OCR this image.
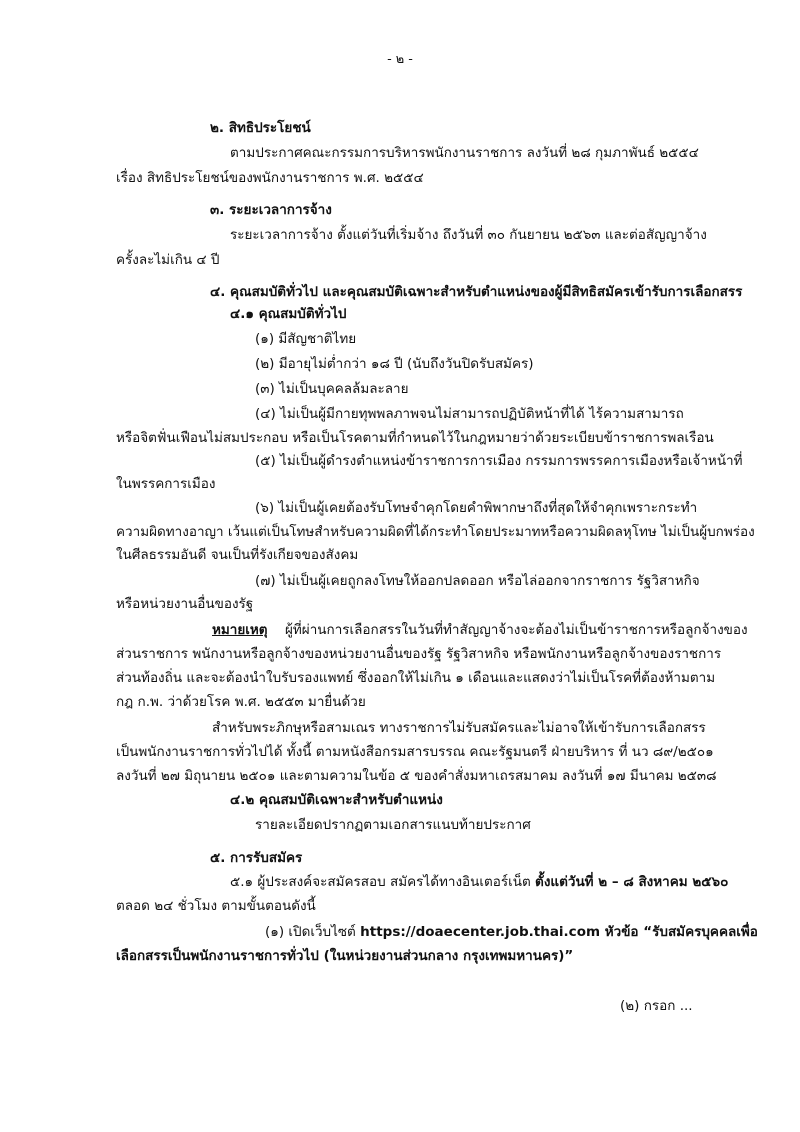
- ๒ -
๒. สิทธิประโยชน์
ตามประกาศคณะกรรมการบริหารพนักงานราชการ ลงวันที่ ๒๘ กุมภาพันธ์ ๒๕๕๔
เรื่อง สิทธิประโยชน์ของพนักงานราชการ พ.ศ. ๒๕๕๔
๓. ระยะเวลาการจ้าง
ระยะเวลาการจ้าง ตั้งแต่วันที่เริ่มจ้าง ถึงวันที่ ๓๐ กันยายน ๒๕๖๓ และต่อสัญญาจ้าง
ครั้งละไม่เกิน ๔ ปี
๔. คุณสมบัติทั่วไป และคุณสมบัติเฉพาะสำหรับตำแหน่งของผู้มีสิทธิสมัครเข้ารับการเลือกสรร
๔.๑ คุณสมบัติทั่วไป
(๑) มีสัญชาติไทย
(๒) มีอายุไม่ต่ำกว่า ๑๘ ปี (นับถึงวันปิดรับสมัคร)
(๓) ไม่เป็นบุคคลล้มละลาย
(๔) ไม่เป็นผู้มีกายทุพพลภาพจนไม่สามารถปฏิบัติหน้าที่ได้ ไร้ความสามารถ
หรือจิตฟั่นเฟือนไม่สมประกอบ หรือเป็นโรคตามที่กำหนดไว้ในกฎหมายว่าด้วยระเบียบข้าราชการพลเรือน
(๕) ไม่เป็นผู้ดำรงตำแหน่งข้าราชการการเมือง กรรมการพรรคการเมืองหรือเจ้าหน้าที่
ในพรรคการเมือง
(๖) ไม่เป็นผู้เคยต้องรับโทษจำคุกโดยคำพิพากษาถึงที่สุดให้จำคุกเพราะกระทำ
ความผิดทางอาญา เว้นแต่เป็นโทษสำหรับความผิดที่ได้กระทำโดยประมาทหรือความผิดลหุโทษ ไม่เป็นผู้บกพร่อง
ในศีลธรรมอันดี จนเป็นที่รังเกียจของสังคม
(๗) ไม่เป็นผู้เคยถูกลงโทษให้ออกปลดออก หรือไล่ออกจากราชการ รัฐวิสาหกิจ
หรือหน่วยงานอื่นของรัฐ
หมายเหตุ ผู้ที่ผ่านการเลือกสรรในวันที่ทำสัญญาจ้างจะต้องไม่เป็นข้าราชการหรือลูกจ้างของ
ส่วนราชการ พนักงานหรือลูกจ้างของหน่วยงานอื่นของรัฐ รัฐวิสาหกิจ หรือพนักงานหรือลูกจ้างของราชการ
ส่วนท้องถิ่น และจะต้องนำใบรับรองแพทย์ ซึ่งออกให้ไม่เกิน ๑ เดือนและแสดงว่าไม่เป็นโรคที่ต้องห้ามตาม
กฎ ก.พ. ว่าด้วยโรค พ.ศ. ๒๕๕๓ มายื่นด้วย
สำหรับพระภิกษุหรือสามเณร ทางราชการไม่รับสมัครและไม่อาจให้เข้ารับการเลือกสรร
เป็นพนักงานราชการทั่วไปได้ ทั้งนี้ ตามหนังสือกรมสารบรรณ คณะรัฐมนตรี ฝ่ายบริหาร ที่ นว ๘๙/๒๕๐๑
ลงวันที่ ๒๗ มิถุนายน ๒๕๐๑ และตามความในข้อ ๕ ของคำสั่งมหาเถรสมาคม ลงวันที่ ๑๗ มีนาคม ๒๕๓๘
๔.๒ คุณสมบัติเฉพาะสำหรับตำแหน่ง
รายละเอียดปรากฏตามเอกสารแนบท้ายประกาศ
๕. การรับสมัคร
๕.๑ ผู้ประสงค์จะสมัครสอบ สมัครได้ทางอินเตอร์เน็ต ตั้งแต่วันที่ ๒ – ๘ สิงหาคม ๒๕๖๐
ตลอด ๒๔ ชั่วโมง ตามขั้นตอนดังนี้
(๑) เปิดเว็บไซต์ https://doaecenter.job.thai.com หัวข้อ “รับสมัครบุคคลเพื่อ
เลือกสรรเป็นพนักงานราชการทั่วไป (ในหน่วยงานส่วนกลาง กรุงเทพมหานคร)”
(๒) กรอก ...
